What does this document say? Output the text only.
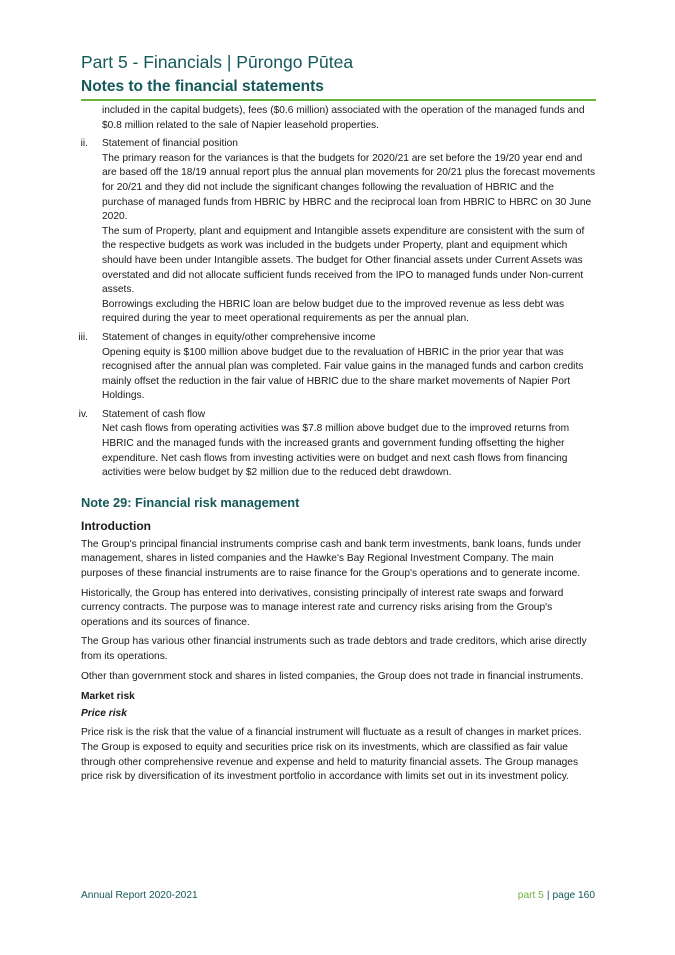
Part 5 - Financials | Pūrongo Pūtea
Notes to the financial statements

included in the capital budgets), fees ($0.6 million) associated with the operation of the managed funds and $0.8 million related to the sale of Napier leasehold properties.

ii. Statement of financial position

The primary reason for the variances is that the budgets for 2020/21 are set before the 19/20 year end and are based off the 18/19 annual report plus the annual plan movements for 20/21 plus the forecast movements for 20/21 and they did not include the significant changes following the revaluation of HBRIC and the purchase of managed funds from HBRIC by HBRC and the reciprocal loan from HBRIC to HBRC on 30 June 2020.

The sum of Property, plant and equipment and Intangible assets expenditure are consistent with the sum of the respective budgets as work was included in the budgets under Property, plant and equipment which should have been under Intangible assets. The budget for Other financial assets under Current Assets was overstated and did not allocate sufficient funds received from the IPO to managed funds under Non-current assets.

Borrowings excluding the HBRIC loan are below budget due to the improved revenue as less debt was required during the year to meet operational requirements as per the annual plan.

iii. Statement of changes in equity/other comprehensive income

Opening equity is $100 million above budget due to the revaluation of HBRIC in the prior year that was recognised after the annual plan was completed. Fair value gains in the managed funds and carbon credits mainly offset the reduction in the fair value of HBRIC due to the share market movements of Napier Port Holdings.

iv. Statement of cash flow

Net cash flows from operating activities was $7.8 million above budget due to the improved returns from HBRIC and the managed funds with the increased grants and government funding offsetting the higher expenditure. Net cash flows from investing activities were on budget and next cash flows from financing activities were below budget by $2 million due to the reduced debt drawdown.

Note 29: Financial risk management
Introduction

The Group's principal financial instruments comprise cash and bank term investments, bank loans, funds under management, shares in listed companies and the Hawke's Bay Regional Investment Company. The main purposes of these financial instruments are to raise finance for the Group's operations and to generate income.

Historically, the Group has entered into derivatives, consisting principally of interest rate swaps and forward currency contracts. The purpose was to manage interest rate and currency risks arising from the Group's operations and its sources of finance.

The Group has various other financial instruments such as trade debtors and trade creditors, which arise directly from its operations.

Other than government stock and shares in listed companies, the Group does not trade in financial instruments.

Market risk

Price risk

Price risk is the risk that the value of a financial instrument will fluctuate as a result of changes in market prices. The Group is exposed to equity and securities price risk on its investments, which are classified as fair value through other comprehensive revenue and expense and held to maturity financial assets. The Group manages price risk by diversification of its investment portfolio in accordance with limits set out in its investment policy.

Annual Report 2020-2021	part 5 | page 160
